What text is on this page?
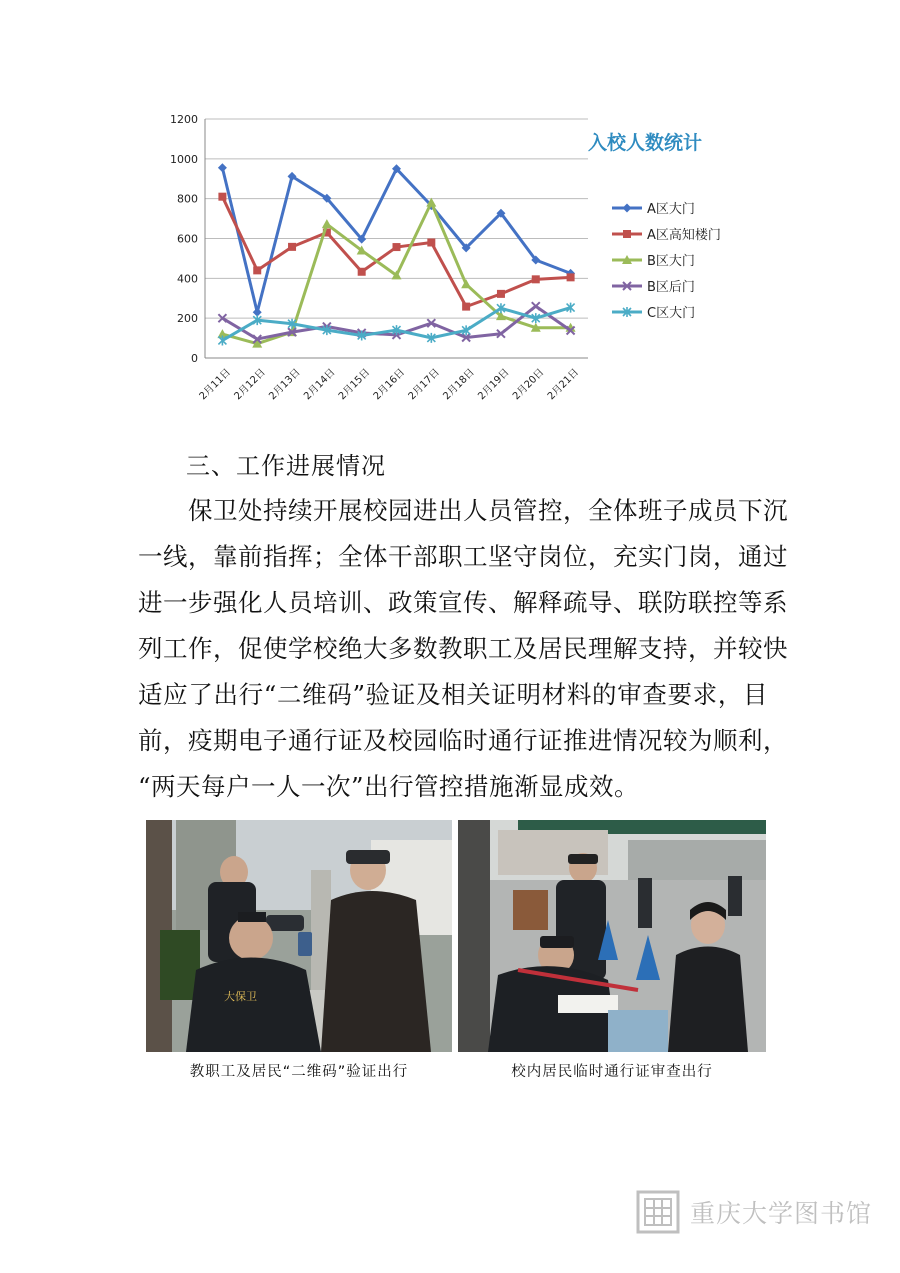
0
200
400
600
800
1000
1200
2月11日 2月12日 2月13日 2月14日 2月15日 2月16日 2月17日 2月18日 2月19日 2月20日 2月21日
入校人数统计
A区大门
A区高知楼门
B区大门
B区后门
C区大门
三、工作进展情况
保卫处持续开展校园进出人员管控，全体班子成员下沉
一线，靠前指挥；全体干部职工坚守岗位，充实门岗，通过
进一步强化人员培训、政策宣传、解释疏导、联防联控等系
列工作，促使学校绝大多数教职工及居民理解支持，并较快
适应了出行“二维码”验证及相关证明材料的审查要求，目
前，疫期电子通行证及校园临时通行证推进情况较为顺利，
“两天每户一人一次”出行管控措施渐显成效。
大保卫
教职工及居民“二维码”验证出行	校内居民临时通行证审查出行
重庆大学图书馆
